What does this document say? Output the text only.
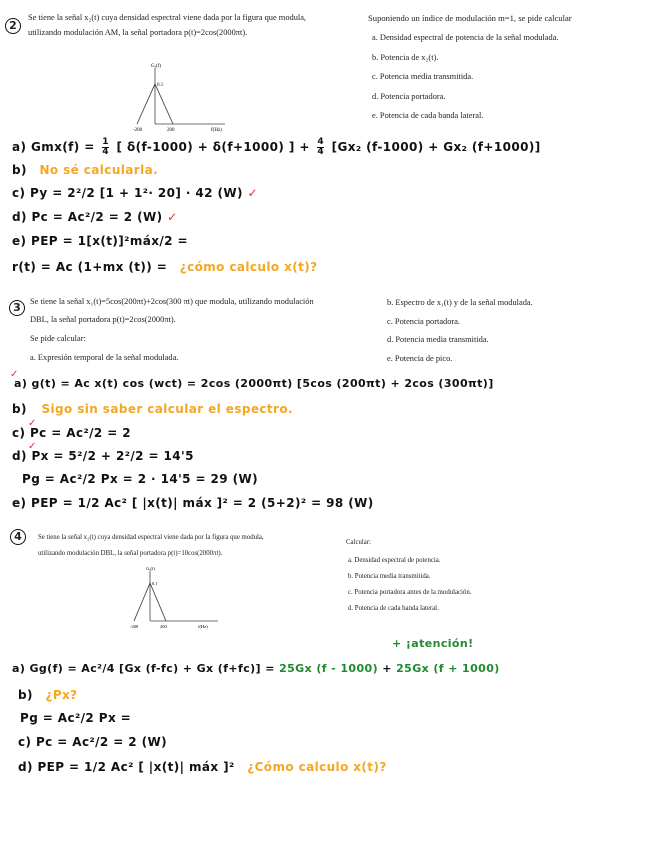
2
Se tiene la señal x₂(t) cuya densidad espectral viene dada por la figura que modula,
utilizando modulación AM, la señal portadora p(t)=2cos(2000πt).
Gₓ(f)
0.1
-200	200	f(Hz)
Suponiendo un índice de modulación m=1, se pide calcular
a. Densidad espectral de potencia de la señal modulada.
b. Potencia de x₂(t).
c. Potencia media transmitida.
d. Potencia portadora.
e. Potencia de cada banda lateral.
a) $Gmx(f) = \frac{1}{4}$ [ δ(f-1000) + δ(f+1000) ] + $\frac{4}{4} [Gx_2$ (f-1000) + Gx₂ (f+1000)]
b) No sé calcularla.
c) Py = 2²/2 [1 + 1²· 20] · 42 (W) ✓
d) Pc = Ac²/2 = 2 (W) ✓
e) PEP = 1[x(t)]²máx/2 =
r(t) = Ac (1+mx (t)) = ¿cómo calculo x(t)?
3	Se tiene la señal x₁(t)=5cos(200πt)+2cos(300 πt) que modula, utilizando modulación
DBL, la señal portadora p(t)=2cos(2000πt).
Se pide calcular:
a. Expresión temporal de la señal modulada.
b. Espectro de x₁(t) y de la señal modulada.
c. Potencia portadora.
d. Potencia media transmitida.
e. Potencia de pico.
✓
a) g(t) = Ac x(t) cos (wct) = 2cos (2000πt) [5cos (200πt) + 2cos (300πt)]
b) Sigo sin saber calcular el espectro.
✓
c) Pc = Ac²/2 = 2
✓
d) Px = 5²/2 + 2²/2 = 14'5
Pg = Ac²/2 Px = 2 · 14'5 = 29 (W)
e) PEP = 1/2 Ac² [ |x(t)| máx ]² = 2 (5+2)² = 98 (W)
4	Se tiene la señal x₂(t) cuya densidad espectral viene dada por la figura que modula,
utilizando modulación DBL, la señal portadora p(t)=10cos(2000πt).
Gₓ(f)
0.1
-200	200	f(Hz)
Calcular:
a. Densidad espectral de potencia.
b. Potencia media transmitida.
c. Potencia portadora antes de la modulación.
d. Potencia de cada banda lateral.
+ ¡atención!
a) Gg(f) = Ac²/4 [Gx (f-fc) + Gx (f+fc)] = 25Gx (f - 1000) + 25Gx (f + 1000)
b) ¿Px?
Pg = Ac²/2 Px =
c) Pc = Ac²/2 = 2 (W)
d) PEP = 1/2 Ac² [ |x(t)| máx ]² ¿Cómo calculo x(t)?
